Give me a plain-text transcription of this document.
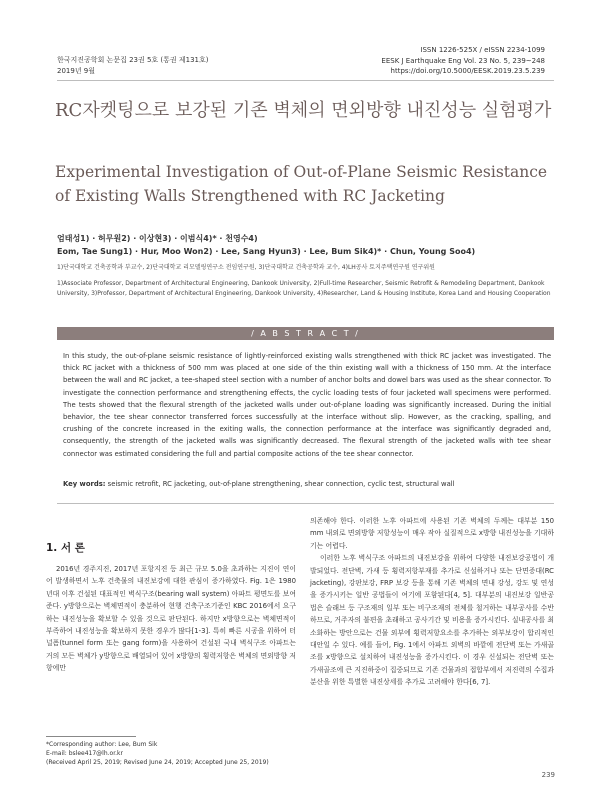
한국지진공학회 논문집 23권 5호 (통권 제131호)
2019년 9월
ISSN 1226-525X / eISSN 2234-1099
EESK J Earthquake Eng Vol. 23 No. 5, 239~248
https://doi.org/10.5000/EESK.2019.23.5.239
RC자켓팅으로 보강된 기존 벽체의 면외방향 내진성능 실험평가
Experimental Investigation of Out-of-Plane Seismic Resistance of Existing Walls Strengthened with RC Jacketing
엄태성1) · 허무원2) · 이상현3) · 이범식4)* · 천영수4)
Eom, Tae Sung1) · Hur, Moo Won2) · Lee, Sang Hyun3) · Lee, Bum Sik4)* · Chun, Young Soo4)
1)단국대학교 건축공학과 부교수, 2)단국대학교 리모델링연구소 전임연구원, 3)단국대학교 건축공학과 교수, 4)LH공사 토지주택연구원 연구위원
1)Associate Professor, Department of Architectural Engineering, Dankook University, 2)Full-time Researcher, Seismic Retrofit & Remodeling Department, Dankook University, 3)Professor, Department of Architectural Engineering, Dankook University, 4)Researcher, Land & Housing Institute, Korea Land and Housing Cooperation
/ A B S T R A C T /
In this study, the out-of-plane seismic resistance of lightly-reinforced existing walls strengthened with thick RC jacket was investigated. The thick RC jacket with a thickness of 500 mm was placed at one side of the thin existing wall with a thickness of 150 mm. At the interface between the wall and RC jacket, a tee-shaped steel section with a number of anchor bolts and dowel bars was used as the shear connector. To investigate the connection performance and strengthening effects, the cyclic loading tests of four jacketed wall specimens were performed. The tests showed that the flexural strength of the jacketed walls under out-of-plane loading was significantly increased. During the initial behavior, the tee shear connector transferred forces successfully at the interface without slip. However, as the cracking, spalling, and crushing of the concrete increased in the exiting walls, the connection performance at the interface was significantly degraded and, consequently, the strength of the jacketed walls was significantly decreased. The flexural strength of the jacketed walls with tee shear connector was estimated considering the full and partial composite actions of the tee shear connector.
Key words: seismic retrofit, RC jacketing, out-of-plane strengthening, shear connection, cyclic test, structural wall
1. 서 론

2016년 경주지진, 2017년 포항지진 등 최근 규모 5.0을 초과하는 지진이 연이어 발생하면서 노후 건축물의 내진보강에 대한 관심이 증가하였다. Fig. 1은 1980년대 이후 건설된 대표적인 벽식구조(bearing wall system) 아파트 평면도를 보여준다. y방향으로는 벽체면적이 충분하여 현행 건축구조기준인 KBC 2016에서 요구하는 내진성능을 확보할 수 있을 것으로 판단된다. 하지만 x방향으로는 벽체면적이 부족하여 내진성능을 확보하지 못한 경우가 많다[1-3]. 특히 빠른 시공을 위하여 터널폼(tunnel form 또는 gang form)을 사용하여 건설된 국내 벽식구조 아파트는 거의 모든 벽체가 y방향으로 배열되어 있어 x방향의 횡력저항은 벽체의 면외방향 저항에만

의존해야 한다. 이러한 노후 아파트에 사용된 기존 벽체의 두께는 대부분 150 mm 내외로 면외방향 저항성능이 매우 작아 실질적으로 x방향 내진성능을 기대하기는 어렵다.

이러한 노후 벽식구조 아파트의 내진보강을 위하여 다양한 내진보강공법이 개발되었다. 전단벽, 가새 등 횡력저항부재를 추가로 신설하거나 또는 단면증대(RC jacketing), 강판보강, FRP 보강 등을 통해 기존 벽체의 면내 강성, 강도 및 연성을 증가시키는 일반 공법들이 여기에 포함된다[4, 5]. 대부분의 내진보강 일반공법은 슬래브 등 구조재의 일부 또는 비구조재의 전체를 철거하는 내부공사를 수반하므로, 거주자의 불편을 초래하고 공사기간 및 비용을 증가시킨다. 실내공사를 최소화하는 방안으로는 건물 외부에 횡력저항요소를 추가하는 외부보강이 합리적인 대안일 수 있다. 예를 들어, Fig. 1에서 아파트 외벽의 바깥에 전단벽 또는 가새골조를 x방향으로 설치하여 내진성능을 증가시킨다. 이 경우 신설되는 전단벽 또는 가새골조에 큰 지진하중이 집중되므로 기존 건물과의 접합부에서 저진력의 수집과 분산을 위한 특별한 내진상세를 추가로 고려해야 한다[6, 7].

*Corresponding author: Lee, Bum Sik
E-mail: bslee417@lh.or.kr
(Received April 25, 2019; Revised June 24, 2019; Accepted June 25, 2019)
239
